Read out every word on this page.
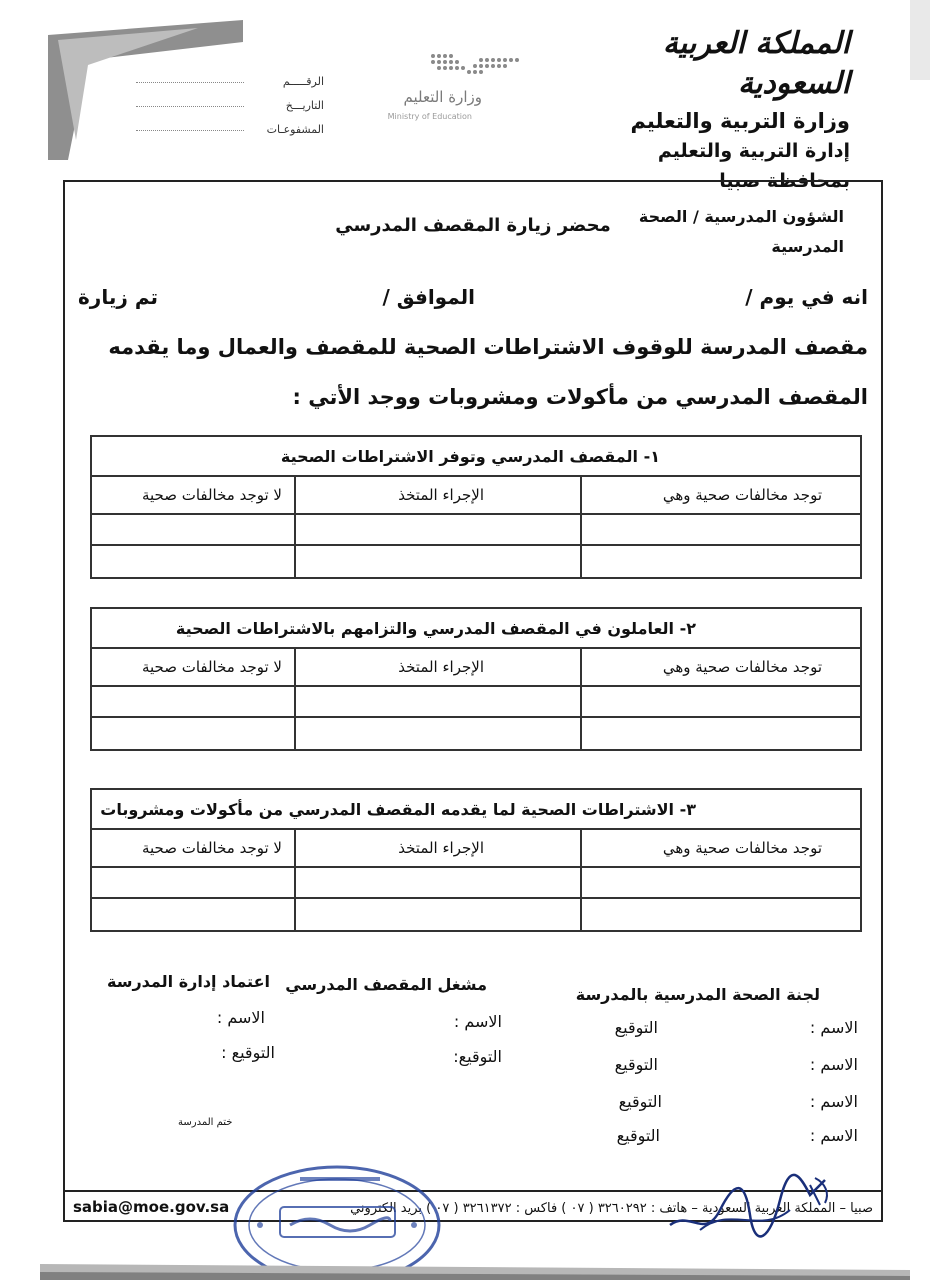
المملكة العربية السعودية
وزارة التربية والتعليم
إدارة التربية والتعليم بمحافظة صبيا
الشؤون المدرسية / الصحة المدرسية
وزارة التعليم
Ministry of Education
الرقـــــم
التاريـــخ
المشفوعـات
محضر زيارة المقصف المدرسي
انه في يوم /
الموافق /
تم زيارة
مقصف المدرسة للوقوف الاشتراطات الصحية للمقصف والعمال وما يقدمه المقصف المدرسي من مأكولات ومشروبات ووجد الأتي :
١- المقصف المدرسي وتوفر الاشتراطات الصحية
توجد مخالفات صحية وهي
الإجراء المتخذ
لا توجد مخالفات صحية
٢- العاملون في المقصف المدرسي والتزامهم بالاشتراطات الصحية
توجد مخالفات صحية وهي
الإجراء المتخذ
لا توجد مخالفات صحية
٣- الاشتراطات الصحية لما يقدمه المقصف المدرسي من مأكولات ومشروبات
توجد مخالفات صحية وهي
الإجراء المتخذ
لا توجد مخالفات صحية
لجنة الصحة المدرسية بالمدرسة
الاسم :
التوقيع
الاسم :
التوقيع
الاسم :
التوقيع
الاسم :
التوقيع
مشغل المقصف المدرسي
الاسم :
التوقيع:
اعتماد إدارة المدرسة
الاسم :
التوقيع :
ختم المدرسة
صبيا – المملكة العربية السعودية – هاتف : ٣٢٦٠٢٩٢ ( ٠٧ ) فاكس : ٣٢٦١٣٧٢ ( ٠٧ ) بريد الكتروني
sabia@moe.gov.sa
